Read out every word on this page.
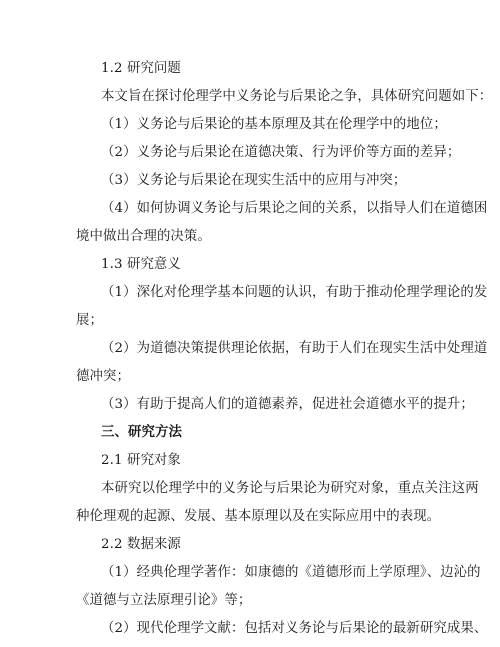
1.2 研究问题
本文旨在探讨伦理学中义务论与后果论之争，具体研究问题如下：
（1）义务论与后果论的基本原理及其在伦理学中的地位；
（2）义务论与后果论在道德决策、行为评价等方面的差异；
（3）义务论与后果论在现实生活中的应用与冲突；
（4）如何协调义务论与后果论之间的关系，以指导人们在道德困
境中做出合理的决策。
1.3 研究意义
（1）深化对伦理学基本问题的认识，有助于推动伦理学理论的发
展；
（2）为道德决策提供理论依据，有助于人们在现实生活中处理道
德冲突；
（3）有助于提高人们的道德素养，促进社会道德水平的提升；
三、研究方法
2.1 研究对象
本研究以伦理学中的义务论与后果论为研究对象，重点关注这两
种伦理观的起源、发展、基本原理以及在实际应用中的表现。
2.2 数据来源
（1）经典伦理学著作：如康德的《道德形而上学原理》、边沁的
《道德与立法原理引论》等；
（2）现代伦理学文献：包括对义务论与后果论的最新研究成果、
